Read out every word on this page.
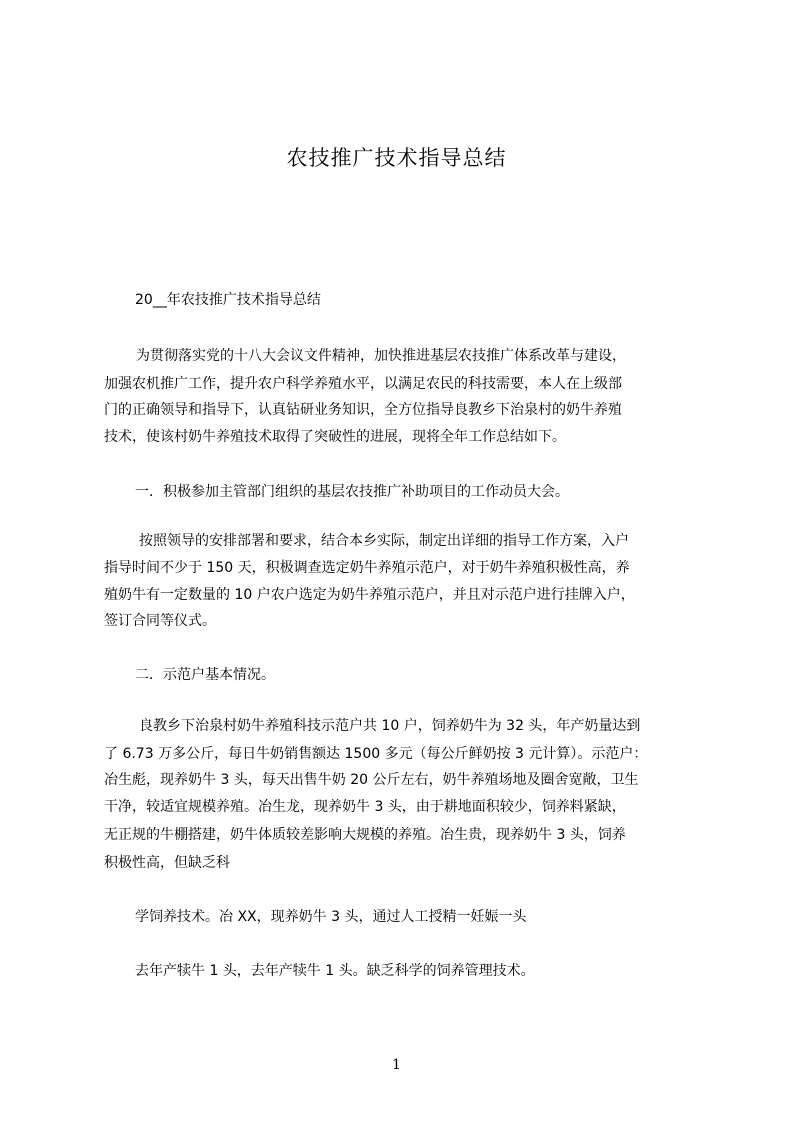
农技推广技术指导总结
20__年农技推广技术指导总结
为贯彻落实党的十八大会议文件精神，加快推进基层农技推广体系改革与建设，
加强农机推广工作，提升农户科学养殖水平，以满足农民的科技需要，本人在上级部
门的正确领导和指导下，认真钻研业务知识，全方位指导良教乡下治泉村的奶牛养殖
技术，使该村奶牛养殖技术取得了突破性的进展，现将全年工作总结如下。
一．积极参加主管部门组织的基层农技推广补助项目的工作动员大会。
按照领导的安排部署和要求，结合本乡实际，制定出详细的指导工作方案，入户
指导时间不少于 150 天，积极调查选定奶牛养殖示范户，对于奶牛养殖积极性高，养
殖奶牛有一定数量的 10 户农户选定为奶牛养殖示范户，并且对示范户进行挂牌入户，
签订合同等仪式。
二．示范户基本情况。
良教乡下治泉村奶牛养殖科技示范户共 10 户，饲养奶牛为 32 头，年产奶量达到
了 6.73 万多公斤，每日牛奶销售额达 1500 多元（每公斤鲜奶按 3 元计算）。示范户：
冶生彪，现养奶牛 3 头，每天出售牛奶 20 公斤左右，奶牛养殖场地及圈舍宽敞，卫生
干净，较适宜规模养殖。冶生龙，现养奶牛 3 头，由于耕地面积较少，饲养料紧缺，
无正规的牛棚搭建，奶牛体质较差影响大规模的养殖。冶生贵，现养奶牛 3 头，饲养
积极性高，但缺乏科
学饲养技术。冶 XX，现养奶牛 3 头，通过人工授精一妊娠一头
去年产犊牛 1 头，去年产犊牛 1 头。缺乏科学的饲养管理技术。
1
